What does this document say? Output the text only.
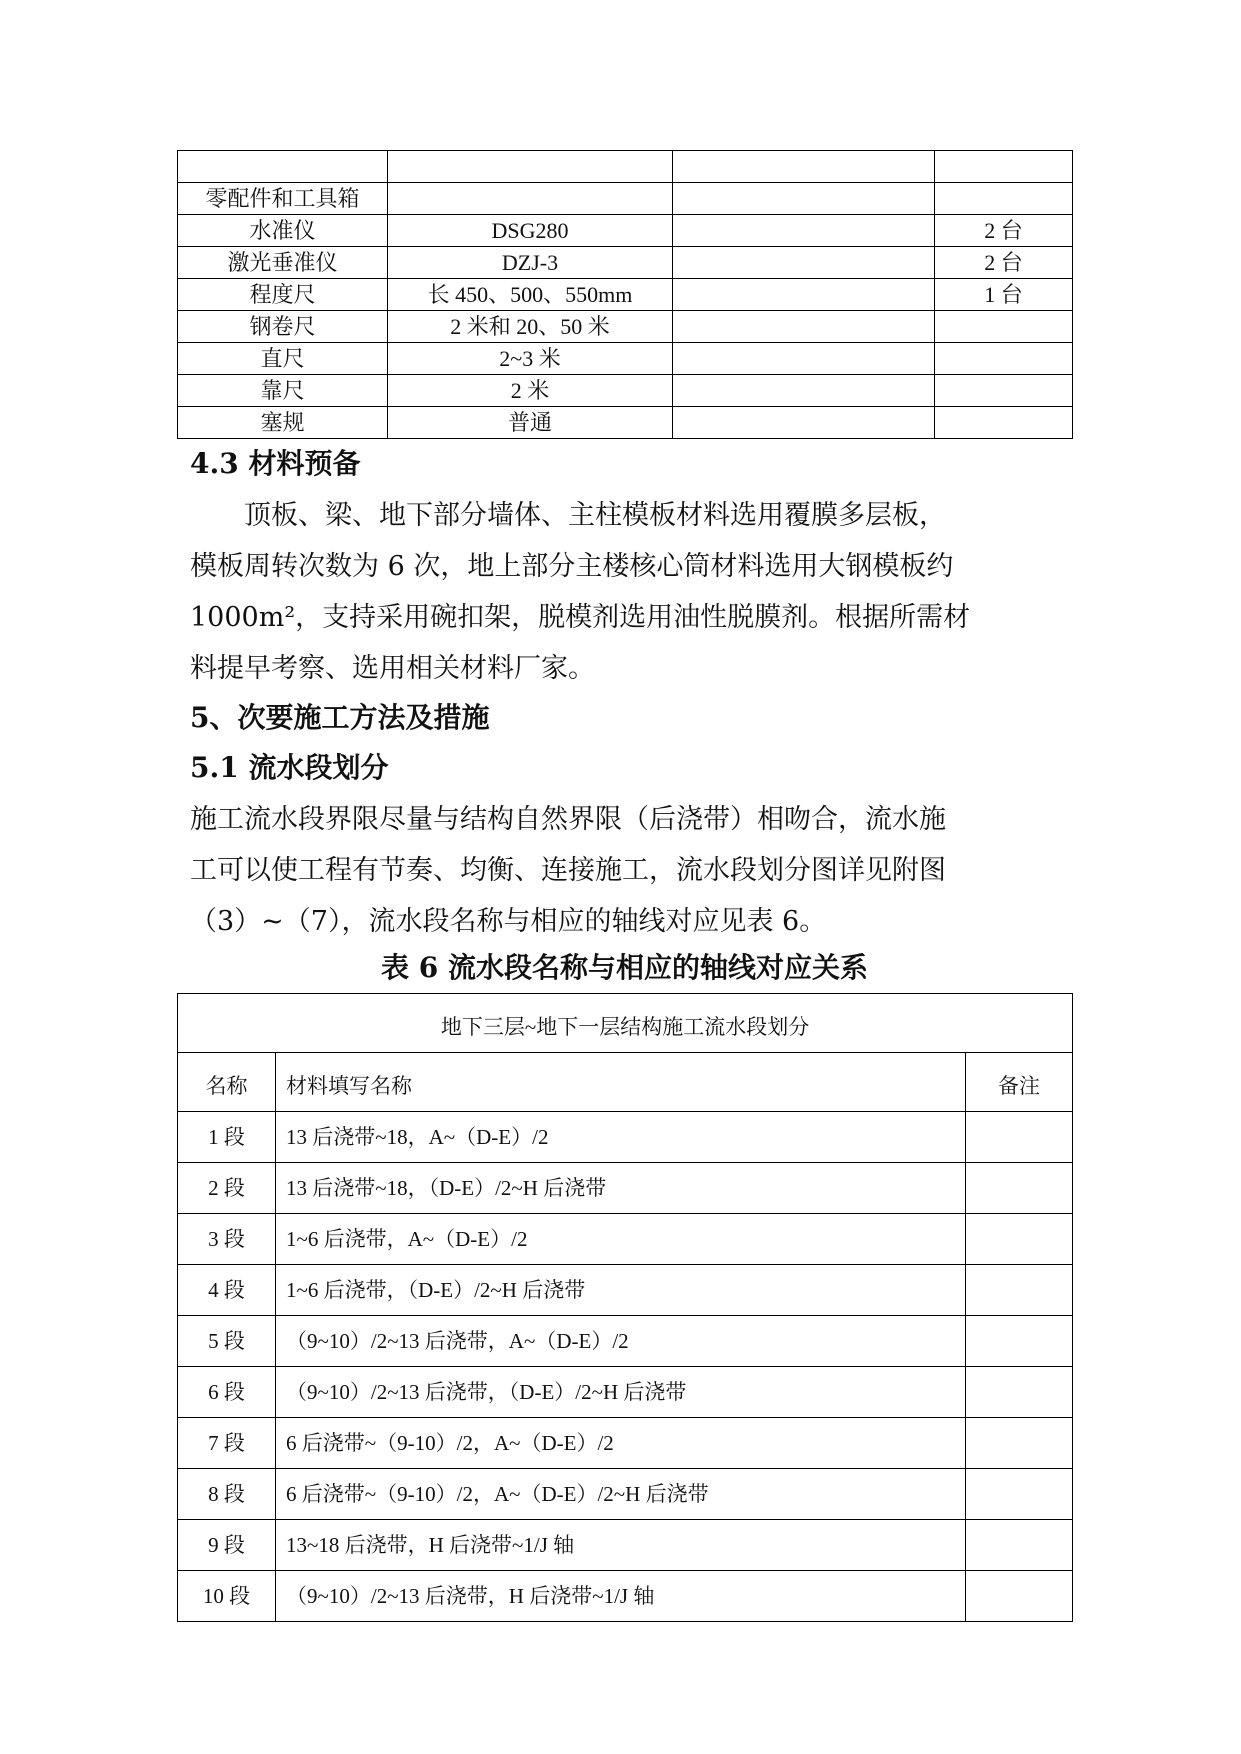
零配件和工具箱			
水准仪	DSG280		2 台
激光垂准仪	DZJ-3		2 台
程度尺	长 450、500、550mm		1 台
钢卷尺	2 米和 20、50 米		
直尺	2~3 米		
靠尺	2 米		
塞规	普通		
4.3 材料预备
　　顶板、梁、地下部分墙体、主柱模板材料选用覆膜多层板，
模板周转次数为 6 次，地上部分主楼核心筒材料选用大钢模板约
1000m²，支持采用碗扣架，脱模剂选用油性脱膜剂。根据所需材
料提早考察、选用相关材料厂家。
5、次要施工方法及措施
5.1 流水段划分
施工流水段界限尽量与结构自然界限（后浇带）相吻合，流水施
工可以使工程有节奏、均衡、连接施工，流水段划分图详见附图
（3）~（7），流水段名称与相应的轴线对应见表 6。
表 6 流水段名称与相应的轴线对应关系
地下三层~地下一层结构施工流水段划分		
名称	材料填写名称	备注
1 段	13 后浇带~18，A~（D-E）/2	
2 段	13 后浇带~18，（D-E）/2~H 后浇带	
3 段	1~6 后浇带，A~（D-E）/2	
4 段	1~6 后浇带，（D-E）/2~H 后浇带	
5 段	（9~10）/2~13 后浇带，A~（D-E）/2	
6 段	（9~10）/2~13 后浇带，（D-E）/2~H 后浇带	
7 段	6 后浇带~（9-10）/2，A~（D-E）/2	
8 段	6 后浇带~（9-10）/2，A~（D-E）/2~H 后浇带	
9 段	13~18 后浇带，H 后浇带~1/J 轴	
10 段	（9~10）/2~13 后浇带，H 后浇带~1/J 轴	
